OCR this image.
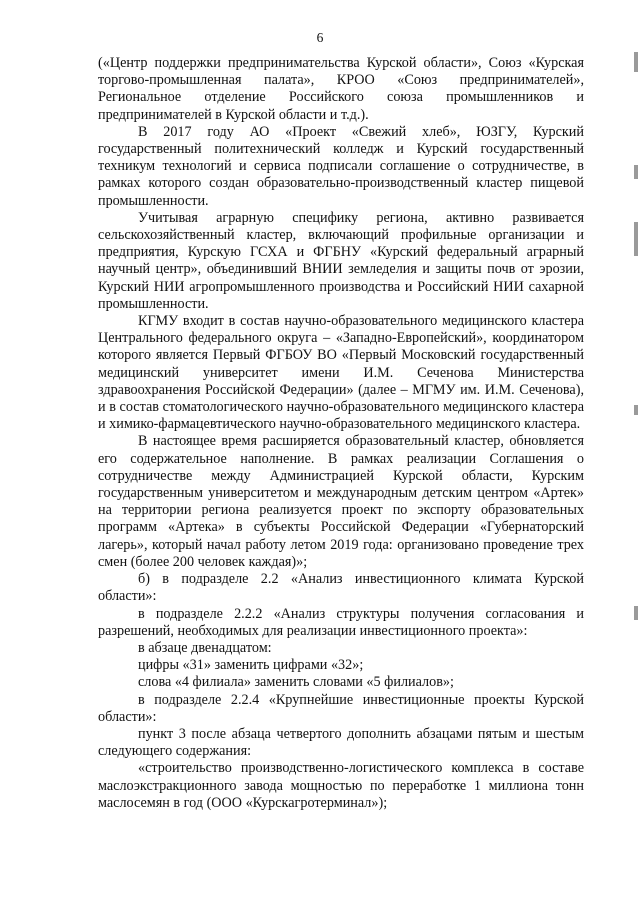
6

(«Центр поддержки предпринимательства Курской области», Союз «Курская торгово-промышленная палата», КРОО «Союз предпринимателей», Региональное отделение Российского союза промышленников и предпринимателей в Курской области и т.д.).

В 2017 году АО «Проект «Свежий хлеб», ЮЗГУ, Курский государственный политехнический колледж и Курский государственный техникум технологий и сервиса подписали соглашение о сотрудничестве, в рамках которого создан образовательно-производственный кластер пищевой промышленности.

Учитывая аграрную специфику региона, активно развивается сельскохозяйственный кластер, включающий профильные организации и предприятия, Курскую ГСХА и ФГБНУ «Курский федеральный аграрный научный центр», объединивший ВНИИ земледелия и защиты почв от эрозии, Курский НИИ агропромышленного производства и Российский НИИ сахарной промышленности.

КГМУ входит в состав научно-образовательного медицинского кластера Центрального федерального округа – «Западно-Европейский», координатором которого является Первый ФГБОУ ВО «Первый Московский государственный медицинский университет имени И.М. Сеченова Министерства здравоохранения Российской Федерации» (далее – МГМУ им. И.М. Сеченова), и в состав стоматологического научно-образовательного медицинского кластера и химико-фармацевтического научно-образовательного медицинского кластера.

В настоящее время расширяется образовательный кластер, обновляется его содержательное наполнение. В рамках реализации Соглашения о сотрудничестве между Администрацией Курской области, Курским государственным университетом и международным детским центром «Артек» на территории региона реализуется проект по экспорту образовательных программ «Артека» в субъекты Российской Федерации «Губернаторский лагерь», который начал работу летом 2019 года: организовано проведение трех смен (более 200 человек каждая)»;

б) в подразделе 2.2 «Анализ инвестиционного климата Курской области»:

в подразделе 2.2.2 «Анализ структуры получения согласования и разрешений, необходимых для реализации инвестиционного проекта»:

в абзаце двенадцатом:

цифры «31» заменить цифрами «32»;

слова «4 филиала» заменить словами «5 филиалов»;

в подразделе 2.2.4 «Крупнейшие инвестиционные проекты Курской области»:

пункт 3 после абзаца четвертого дополнить абзацами пятым и шестым следующего содержания:

«строительство производственно-логистического комплекса в составе маслоэкстракционного завода мощностью по переработке 1 миллиона тонн маслосемян в год (ООО «Курскагротерминал»);
